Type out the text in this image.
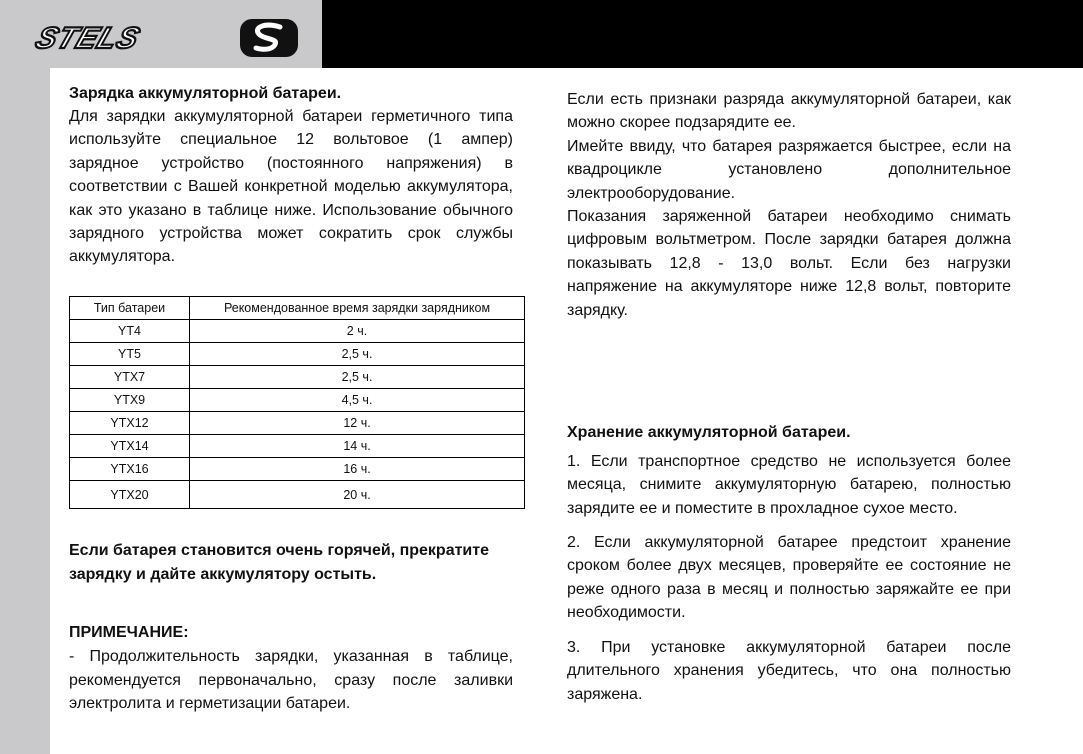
STELS

Зарядка аккумуляторной батареи.

Для зарядки аккумуляторной батареи герметичного типа используйте специальное 12 вольтовое (1 ампер) зарядное устройство (постоянного напряжения) в соответствии с Вашей конкретной моделью аккумулятора, как это указано в таблице ниже. Использование обычного зарядного устройства может сократить срок службы аккумулятора.

Тип батареи	Рекомендованное время зарядки зарядником
YT4	2 ч.
YT5	2,5 ч.
YTX7	2,5 ч.
YTX9	4,5 ч.
YTX12	12 ч.
YTX14	14 ч.
YTX16	16 ч.
YTX20	20 ч.

Если батарея становится очень горячей, прекратите зарядку и дайте аккумулятору остыть.

ПРИМЕЧАНИЕ:

- Продолжительность зарядки, указанная в таблице, рекомендуется первоначально, сразу после заливки электролита и герметизации батареи.

Если есть признаки разряда аккумуляторной батареи, как можно скорее подзарядите ее.

Имейте ввиду, что батарея разряжается быстрее, если на квадроцикле установлено дополнительное электрооборудование.

Показания заряженной батареи необходимо снимать цифровым вольтметром. После зарядки батарея должна показывать 12,8 - 13,0 вольт. Если без нагрузки напряжение на аккумуляторе ниже 12,8 вольт, повторите зарядку.

Хранение аккумуляторной батареи.

1. Если транспортное средство не используется более месяца, снимите аккумуляторную батарею, полностью зарядите ее и поместите в прохладное сухое место.

2. Если аккумуляторной батарее предстоит хранение сроком более двух месяцев, проверяйте ее состояние не реже одного раза в месяц и полностью заряжайте ее при необходимости.

3. При установке аккумуляторной батареи после длительного хранения убедитесь, что она полностью заряжена.
